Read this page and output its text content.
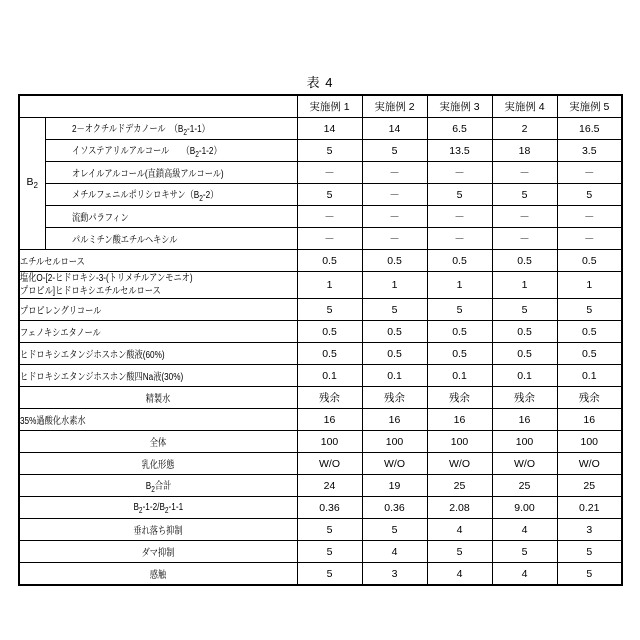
表 4
		実施例 1	実施例 2	実施例 3	実施例 4	実施例 5
$B_2$	2－オクチルドデカノール　$(B_2-1-1)$	14	14	6.5	2	16.5
	イソステアリルアルコール　　$(B_2-1-2)$	5	5	13.5	18	3.5
	オレイルアルコール(直鎖高級アルコール)	－	－	－	－	－
	メチルフェニルポリシロキサン$(B_2-2)$	5	－	5	5	5
	流動パラフィン	－	－	－	－	－
	パルミチン酸エチルヘキシル	－	－	－	－	－
エチルセルロース		0.5	0.5	0.5	0.5	0.5

塩化O-[2-ヒドロキシ-3-(トリメチルアンモニオ)
プロピル]ヒドロキシエチルセルロース		1	1	1	1	1
プロピレングリコール		5	5	5	5	5
フェノキシエタノール		0.5	0.5	0.5	0.5	0.5
ヒドロキシエタンジホスホン酸液(60%)		0.5	0.5	0.5	0.5	0.5
ヒドロキシエタンジホスホン酸四Na液(30%)		0.1	0.1	0.1	0.1	0.1
精製水		残余	残余	残余	残余	残余
35%過酸化水素水		16	16	16	16	16
全体		100	100	100	100	100
乳化形態		W/O	W/O	W/O	W/O	W/O
$B_2$合計		24	19	25	25	25
$B_2-1-2/B_2-1-1$		0.36	0.36	2.08	9.00	0.21
垂れ落ち抑制		5	5	4	4	3
ダマ抑制		5	4	5	5	5
感触		5	3	4	4	5
